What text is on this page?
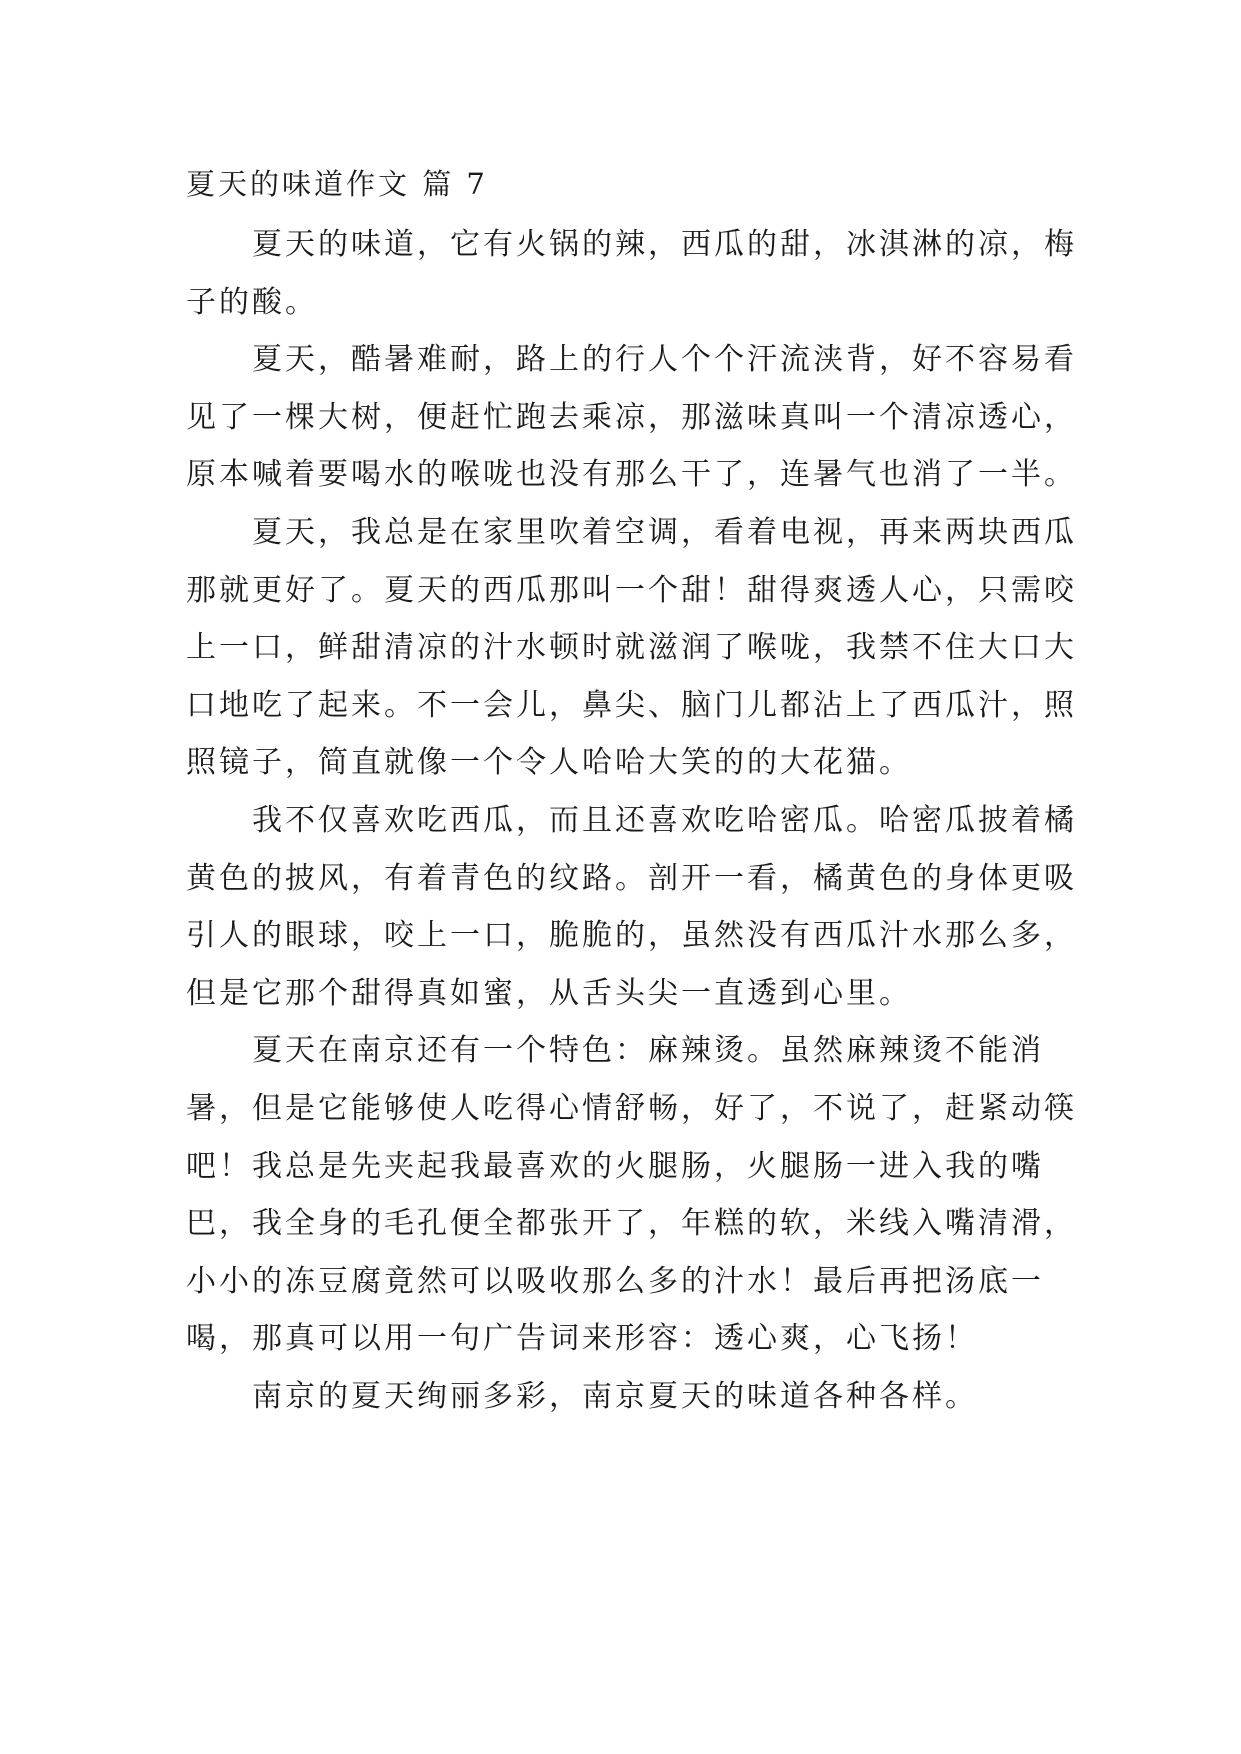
夏天的味道作文 篇 7

夏天的味道，它有火锅的辣，西瓜的甜，冰淇淋的凉，梅子的酸。

夏天，酷暑难耐，路上的行人个个汗流浃背，好不容易看见了一棵大树，便赶忙跑去乘凉，那滋味真叫一个清凉透心，原本喊着要喝水的喉咙也没有那么干了，连暑气也消了一半。

夏天，我总是在家里吹着空调，看着电视，再来两块西瓜那就更好了。夏天的西瓜那叫一个甜！甜得爽透人心，只需咬上一口，鲜甜清凉的汁水顿时就滋润了喉咙，我禁不住大口大口地吃了起来。不一会儿，鼻尖、脑门儿都沾上了西瓜汁，照照镜子，简直就像一个令人哈哈大笑的的大花猫。

我不仅喜欢吃西瓜，而且还喜欢吃哈密瓜。哈密瓜披着橘黄色的披风，有着青色的纹路。剖开一看，橘黄色的身体更吸引人的眼球，咬上一口，脆脆的，虽然没有西瓜汁水那么多，但是它那个甜得真如蜜，从舌头尖一直透到心里。

夏天在南京还有一个特色：麻辣烫。虽然麻辣烫不能消暑，但是它能够使人吃得心情舒畅，好了，不说了，赶紧动筷吧！我总是先夹起我最喜欢的火腿肠，火腿肠一进入我的嘴巴，我全身的毛孔便全都张开了，年糕的软，米线入嘴清滑，小小的冻豆腐竟然可以吸收那么多的汁水！最后再把汤底一喝，那真可以用一句广告词来形容：透心爽，心飞扬！

南京的夏天绚丽多彩，南京夏天的味道各种各样。
